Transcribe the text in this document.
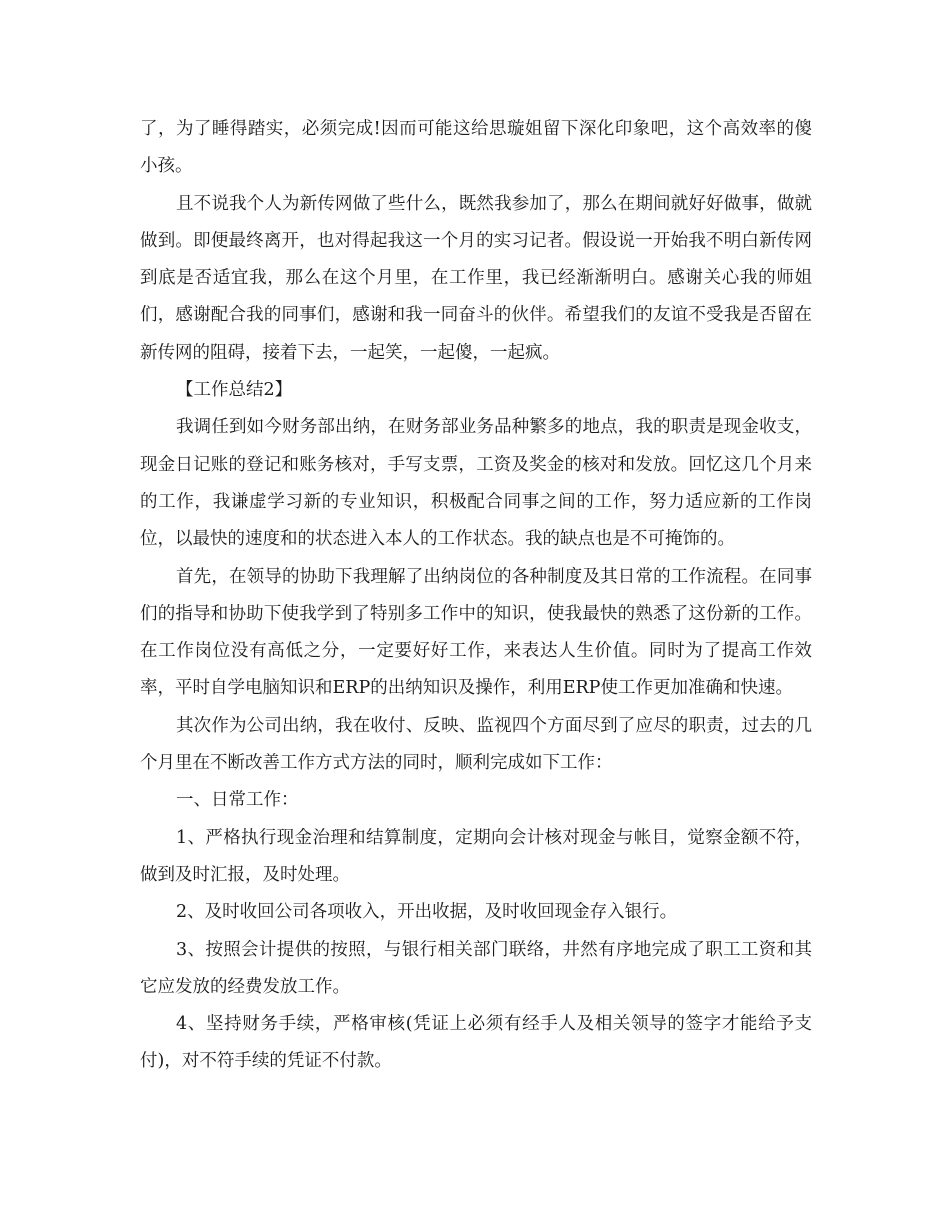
了，为了睡得踏实，必须完成!因而可能这给思璇姐留下深化印象吧，这个高效率的傻小孩。

且不说我个人为新传网做了些什么，既然我参加了，那么在期间就好好做事，做就做到。即便最终离开，也对得起我这一个月的实习记者。假设说一开始我不明白新传网到底是否适宜我，那么在这个月里，在工作里，我已经渐渐明白。感谢关心我的师姐们，感谢配合我的同事们，感谢和我一同奋斗的伙伴。希望我们的友谊不受我是否留在新传网的阻碍，接着下去，一起笑，一起傻，一起疯。

【工作总结2】

我调任到如今财务部出纳，在财务部业务品种繁多的地点，我的职责是现金收支，现金日记账的登记和账务核对，手写支票，工资及奖金的核对和发放。回忆这几个月来的工作，我谦虚学习新的专业知识，积极配合同事之间的工作，努力适应新的工作岗位，以最快的速度和的状态进入本人的工作状态。我的缺点也是不可掩饰的。

首先，在领导的协助下我理解了出纳岗位的各种制度及其日常的工作流程。在同事们的指导和协助下使我学到了特别多工作中的知识，使我最快的熟悉了这份新的工作。在工作岗位没有高低之分，一定要好好工作，来表达人生价值。同时为了提高工作效率，平时自学电脑知识和ERP的出纳知识及操作，利用ERP使工作更加准确和快速。

其次作为公司出纳，我在收付、反映、监视四个方面尽到了应尽的职责，过去的几个月里在不断改善工作方式方法的同时，顺利完成如下工作：

一、日常工作：

1、严格执行现金治理和结算制度，定期向会计核对现金与帐目，觉察金额不符，做到及时汇报，及时处理。

2、及时收回公司各项收入，开出收据，及时收回现金存入银行。

3、按照会计提供的按照，与银行相关部门联络，井然有序地完成了职工工资和其它应发放的经费发放工作。

4、坚持财务手续，严格审核(凭证上必须有经手人及相关领导的签字才能给予支付)，对不符手续的凭证不付款。
